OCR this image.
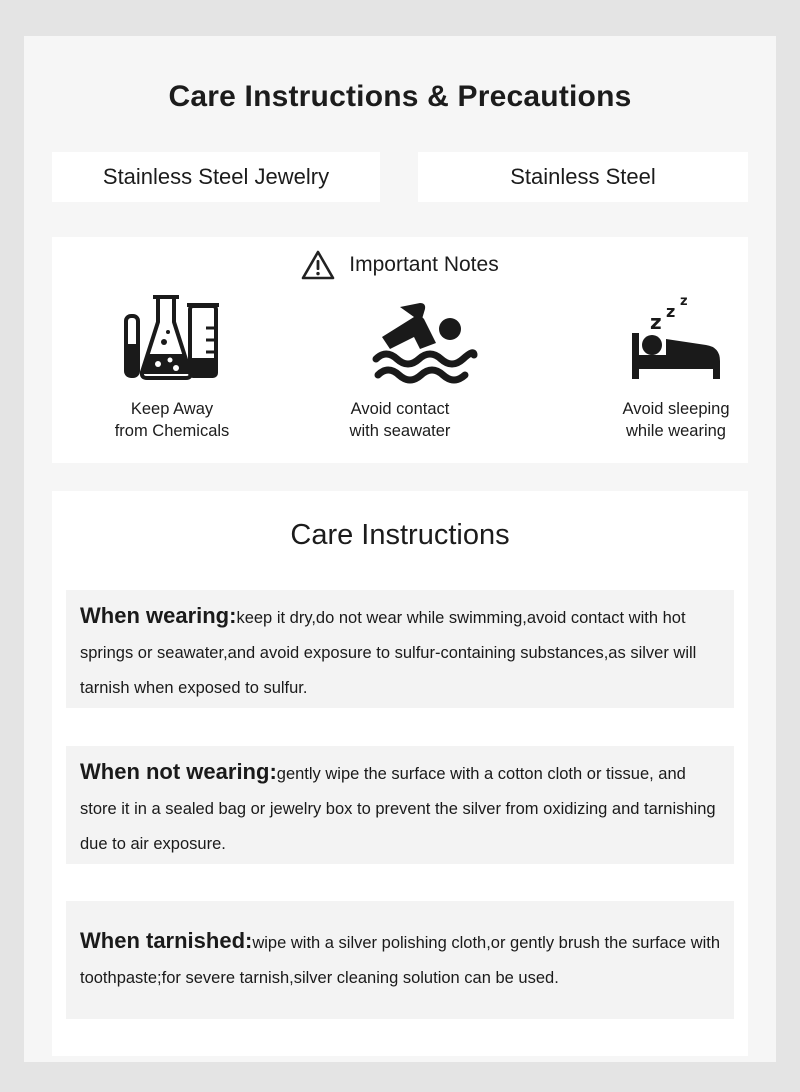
Care Instructions & Precautions
Stainless Steel Jewelry	Stainless Steel
Important Notes
Keep Away
from Chemicals
Avoid contact
with seawater
z z
z
Avoid sleeping
while wearing
Care Instructions
When wearing:keep it dry,do not wear while swimming,avoid contact with hot springs or seawater,and avoid exposure to sulfur-containing substances,as silver will tarnish when exposed to sulfur.
When not wearing:gently wipe the surface with a cotton cloth or tissue, and store it in a sealed bag or jewelry box to prevent the silver from oxidizing and tarnishing due to air exposure.
When tarnished:wipe with a silver polishing cloth,or gently brush the surface with toothpaste;for severe tarnish,silver cleaning solution can be used.
